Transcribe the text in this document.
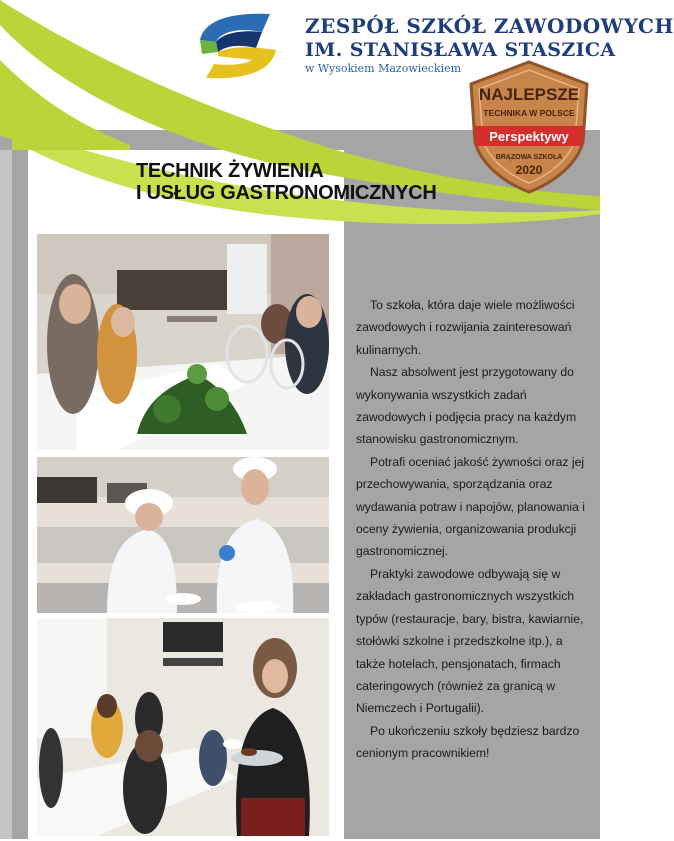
ZESPÓŁ SZKÓŁ ZAWODOWYCH
IM. STANISŁAWA STASZICA
w Wysokiem Mazowieckiem
NAJLEPSZE
TECHNIKA W POLSCE
Perspektywy
BRĄZOWA SZKOŁA
2020
TECHNIK ŻYWIENIA
I USŁUG GASTRONOMICZNYCH

To szkoła, która daje wiele możliwości zawodowych i rozwijania zainteresowań kulinarnych.

Nasz absolwent jest przygotowany do wykonywania wszystkich zadań zawodowych i podjęcia pracy na każdym stanowisku gastronomicznym.

Potrafi oceniać jakość żywności oraz jej przechowywania, sporządzania oraz wydawania potraw i napojów, planowania i oceny żywienia, organizowania produkcji gastronomicznej.

Praktyki zawodowe odbywają się w zakładach gastronomicznych wszystkich typów (restauracje, bary, bistra, kawiarnie, stołówki szkolne i przedszkolne itp.), a także hotelach, pensjonatach, firmach cateringowych (również za granicą w Niemczech i Portugalii).

Po ukończeniu szkoły będziesz bardzo cenionym pracownikiem!
